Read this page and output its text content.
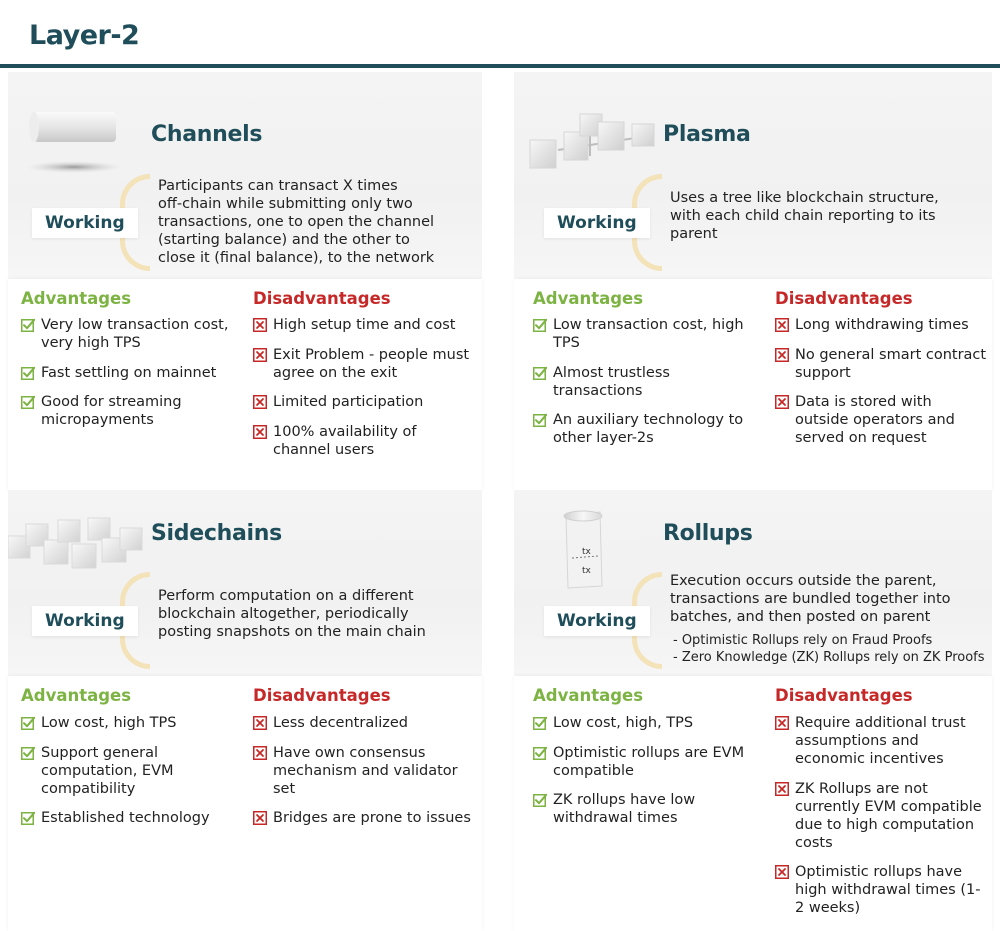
Layer-2
Channels
Working
Participants can transact X times
off-chain while submitting only two
transactions, one to open the channel
(starting balance) and the other to
close it (final balance), to the network
Advantages
Very low transaction cost, very high TPS
Fast settling on mainnet
Good for streaming micropayments
Disadvantages
High setup time and cost
Exit Problem - people must agree on the exit
Limited participation
100% availability of channel users
Plasma
Working
Uses a tree like blockchain structure,
with each child chain reporting to its
parent
Advantages
Low transaction cost, high TPS
Almost trustless transactions
An auxiliary technology to other layer-2s
Disadvantages
Long withdrawing times
No general smart contract support
Data is stored with outside operators and served on request
Sidechains
Working
Perform computation on a different
blockchain altogether, periodically
posting snapshots on the main chain
Advantages
Low cost, high TPS
Support general computation, EVM compatibility
Established technology
Disadvantages
Less decentralized
Have own consensus mechanism and validator set
Bridges are prone to issues
tx
tx
Rollups
Working
Execution occurs outside the parent,
transactions are bundled together into
batches, and then posted on parent
- Optimistic Rollups rely on Fraud Proofs
- Zero Knowledge (ZK) Rollups rely on ZK Proofs
Advantages
Low cost, high, TPS
Optimistic rollups are EVM compatible
ZK rollups have low withdrawal times
Disadvantages
Require additional trust assumptions and economic incentives
ZK Rollups are not currently EVM compatible due to high computation costs
Optimistic rollups have high withdrawal times (1-2 weeks)
